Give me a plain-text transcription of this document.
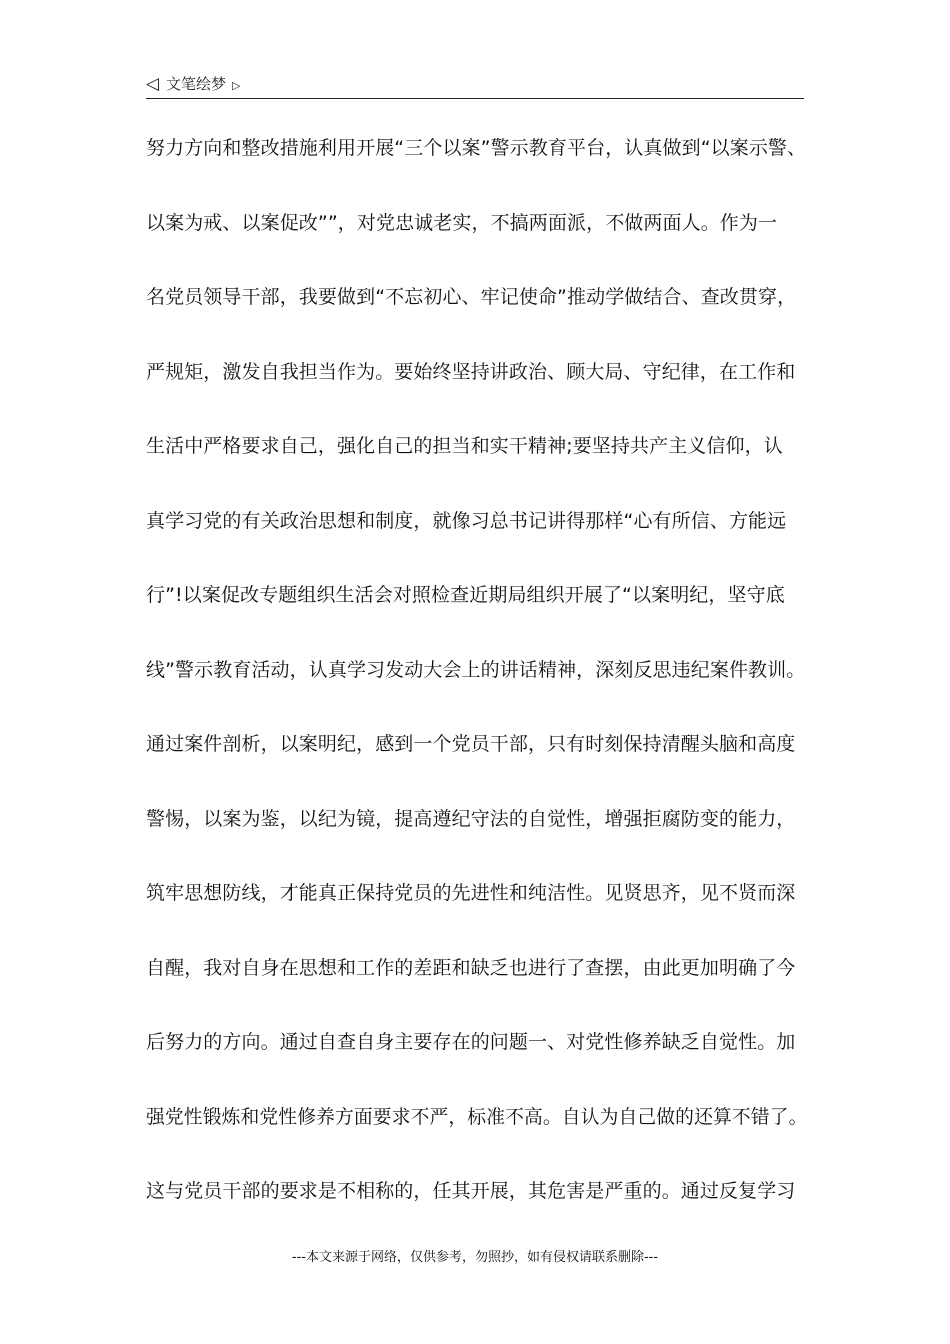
◁ 文笔绘梦 ▷
努力方向和整改措施利用开展“三个以案”警示教育平台，认真做到“以案示警、
以案为戒、以案促改””，对党忠诚老实，不搞两面派，不做两面人。作为一
名党员领导干部，我要做到“不忘初心、牢记使命”推动学做结合、查改贯穿，
严规矩，激发自我担当作为。要始终坚持讲政治、顾大局、守纪律，在工作和
生活中严格要求自己，强化自己的担当和实干精神;要坚持共产主义信仰，认
真学习党的有关政治思想和制度，就像习总书记讲得那样“心有所信、方能远
行”!以案促改专题组织生活会对照检查近期局组织开展了“以案明纪，坚守底
线”警示教育活动，认真学习发动大会上的讲话精神，深刻反思违纪案件教训。
通过案件剖析，以案明纪，感到一个党员干部，只有时刻保持清醒头脑和高度
警惕，以案为鉴，以纪为镜，提高遵纪守法的自觉性，增强拒腐防变的能力，
筑牢思想防线，才能真正保持党员的先进性和纯洁性。见贤思齐，见不贤而深
自醒，我对自身在思想和工作的差距和缺乏也进行了查摆，由此更加明确了今
后努力的方向。通过自查自身主要存在的问题一、对党性修养缺乏自觉性。加
强党性锻炼和党性修养方面要求不严，标准不高。自认为自己做的还算不错了。
这与党员干部的要求是不相称的，任其开展，其危害是严重的。通过反复学习
---本文来源于网络，仅供参考，勿照抄，如有侵权请联系删除---
